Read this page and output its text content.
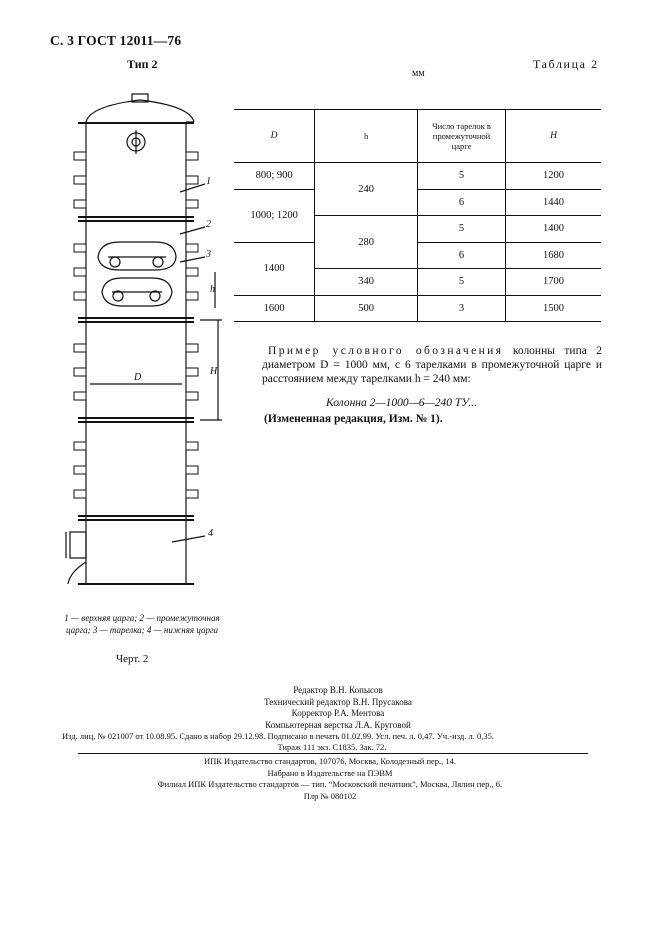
С. 3 ГОСТ 12011—76
Тип 2	Таблица 2
мм
1
2
3
4
h
H
D
1 — верхняя царга; 2 — промежуточная царга; 3 — тарелка; 4 — нижняя царга
Черт. 2
D	h	Число тарелок в промежуточной царге	H
800; 900	240	5	1200
1000; 1200		6	1440
	280	5	1400
1400		6	1680
	340	5	1700
1600	500	3	1500
Пример условного обозначения колонны типа 2 диаметром D = 1000 мм, с 6 тарелками в промежуточной царге и расстоянием между тарелками h = 240 мм:
Колонна 2—1000—6—240 ТУ...
(Измененная редакция, Изм. № 1).
Редактор В.Н. Копысов
Технический редактор В.Н. Прусакова
Корректор Р.А. Ментова
Компьютерная верстка Л.А. Круговой
Изд. лиц. № 021007 от 10.08.95. Сдано в набор 29.12.98. Подписано в печать 01.02.99. Усл. печ. л. 0,47. Уч.-изд. л. 0,35.
Тираж 111 экз. С1835. Зак. 72.
ИПК Издательство стандартов, 107076, Москва, Колодезный пер., 14.
Набрано в Издательстве на ПЭВМ
Филиал ИПК Издательство стандартов — тип. “Московский печатник”, Москва, Лялин пер., 6.
Плр № 080102
